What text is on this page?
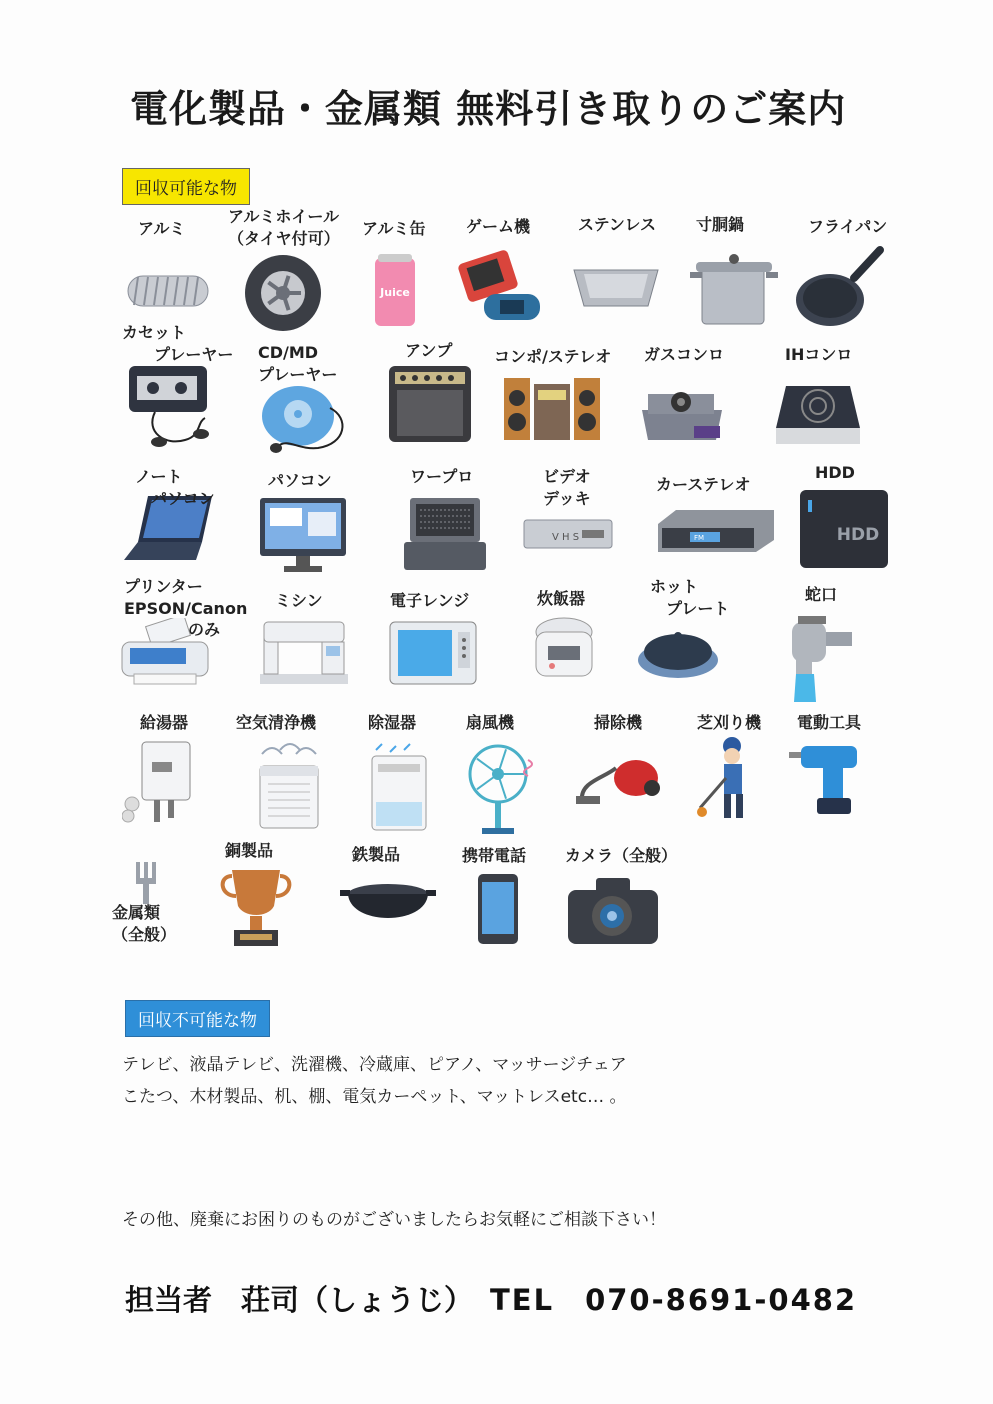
電化製品・金属類 無料引き取りのご案内
回収可能な物
アルミ
アルミホイール
（タイヤ付可）
Juice
アルミ缶	ゲーム機	ステンレス 寸胴鍋	フライパン
カセット
　　プレーヤー CD/MD
プレーヤー
アンプ	コンポ/ステレオ ガスコンロ	IHコンロ
ノート
　パソコン
パソコン	ワープロ
V H S
ビデオ
デッキ
FM
カーステレオ
HDD
HDD
プリンター
EPSON/Canon
　　　　のみ
ミシン	電子レンジ	炊飯器
ホット
　プレート
蛇口
給湯器	空気清浄機	除湿器	扇風機	掃除機	芝刈り機 電動工具
金属類
（全般）
銅製品	鉄製品	携帯電話 カメラ（全般）
回収不可能な物
テレビ、液晶テレビ、洗濯機、冷蔵庫、ピアノ、マッサージチェア
こたつ、木材製品、机、棚、電気カーペット、マットレスetc… 。
その他、廃棄にお困りのものがございましたらお気軽にご相談下さい！
担当者　荘司（しょうじ） TEL　070-8691-0482
